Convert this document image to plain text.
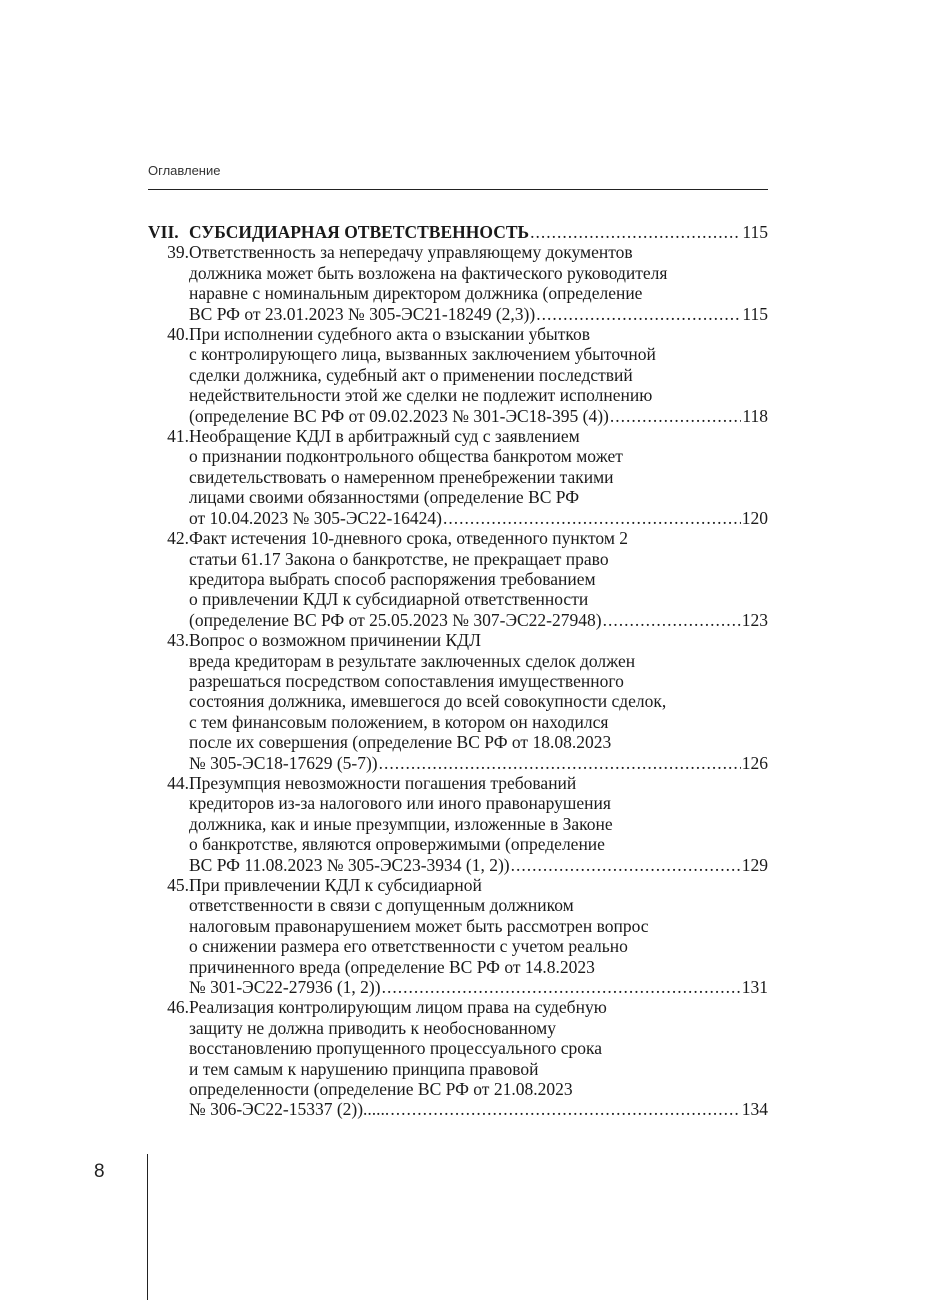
Оглавление
VII. СУБСИДИАРНАЯ ОТВЕТСТВЕННОСТЬ .....	115
39. Ответственность за непередачу управляющему документов
должника может быть возложена на фактического руководителя
наравне с номинальным директором должника (определение
ВС РФ от 23.01.2023 № 305-ЭС21-18249 (2,3)) .....	115
40. При исполнении судебного акта о взыскании убытков
с контролирующего лица, вызванных заключением убыточной
сделки должника, судебный акт о применении последствий
недействительности этой же сделки не подлежит исполнению
(определение ВС РФ от 09.02.2023 № 301-ЭС18-395 (4)) .....	118
41. Необращение КДЛ в арбитражный суд с заявлением
о признании подконтрольного общества банкротом может
свидетельствовать о намеренном пренебрежении такими
лицами своими обязанностями (определение ВС РФ
от 10.04.2023 № 305-ЭС22-16424) .....	120
42. Факт истечения 10-дневного срока, отведенного пунктом 2
статьи 61.17 Закона о банкротстве, не прекращает право
кредитора выбрать способ распоряжения требованием
о привлечении КДЛ к субсидиарной ответственности
(определение ВС РФ от 25.05.2023 № 307-ЭС22-27948) .....	123
43. Вопрос о возможном причинении КДЛ
вреда кредиторам в результате заключенных сделок должен
разрешаться посредством сопоставления имущественного
состояния должника, имевшегося до всей совокупности сделок,
с тем финансовым положением, в котором он находился
после их совершения (определение ВС РФ от 18.08.2023
№ 305-ЭС18-17629 (5-7)) .....	126
44. Презумпция невозможности погашения требований
кредиторов из-за налогового или иного правонарушения
должника, как и иные презумпции, изложенные в Законе
о банкротстве, являются опровержимыми (определение
ВС РФ 11.08.2023 № 305-ЭС23-3934 (1, 2)) .....	129
45. При привлечении КДЛ к субсидиарной
ответственности в связи с допущенным должником
налоговым правонарушением может быть рассмотрен вопрос
о снижении размера его ответственности с учетом реально
причиненного вреда (определение ВС РФ от 14.8.2023
№ 301-ЭС22-27936 (1, 2)) .....	131
46. Реализация контролирующим лицом права на судебную
защиту не должна приводить к необоснованному
восстановлению пропущенного процессуального срока
и тем самым к нарушению принципа правовой
определенности (определение ВС РФ от 21.08.2023
№ 306-ЭС22-15337 (2))...... .....	134
8
